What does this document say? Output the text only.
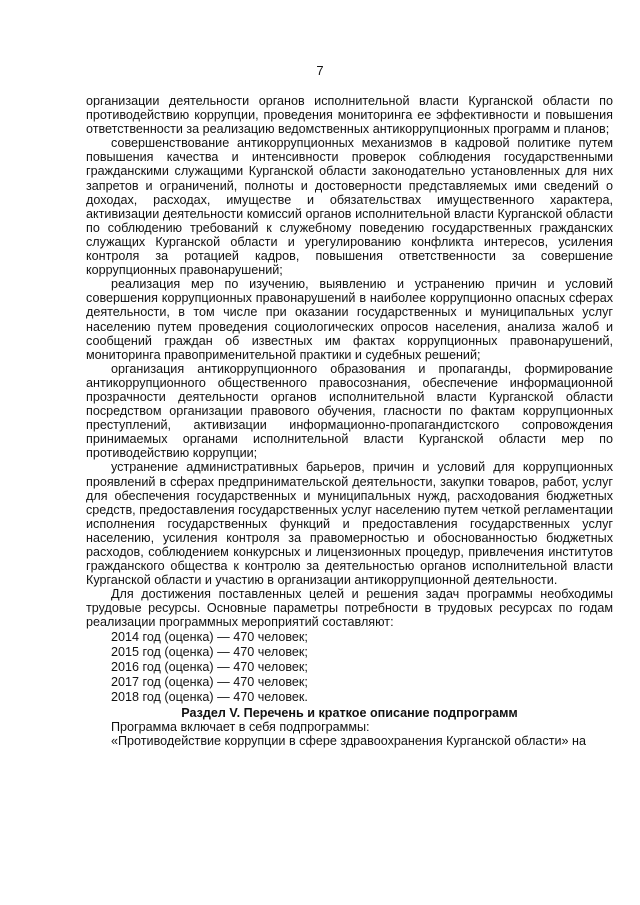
7

организации деятельности органов исполнительной власти Курганской области по противодействию коррупции, проведения мониторинга ее эффективности и повышения ответственности за реализацию ведомственных антикоррупционных программ и планов;

совершенствование антикоррупционных механизмов в кадровой политике путем повышения качества и интенсивности проверок соблюдения государственными гражданскими служащими Курганской области законодательно установленных для них запретов и ограничений, полноты и достоверности представляемых ими сведений о доходах, расходах, имуществе и обязательствах имущественного характера, активизации деятельности комиссий органов исполнительной власти Курганской области по соблюдению требований к служебному поведению государственных гражданских служащих Курганской области и урегулированию конфликта интересов, усиления контроля за ротацией кадров, повышения ответственности за совершение коррупционных правонарушений;

реализация мер по изучению, выявлению и устранению причин и условий совершения коррупционных правонарушений в наиболее коррупционно опасных сферах деятельности, в том числе при оказании государственных и муниципальных услуг населению путем проведения социологических опросов населения, анализа жалоб и сообщений граждан об известных им фактах коррупционных правонарушений, мониторинга правоприменительной практики и судебных решений;

организация антикоррупционного образования и пропаганды, формирование антикоррупционного общественного правосознания, обеспечение информационной прозрачности деятельности органов исполнительной власти Курганской области посредством организации правового обучения, гласности по фактам коррупционных преступлений, активизации информационно-пропагандистского сопровождения принимаемых органами исполнительной власти Курганской области мер по противодействию коррупции;

устранение административных барьеров, причин и условий для коррупционных проявлений в сферах предпринимательской деятельности, закупки товаров, работ, услуг для обеспечения государственных и муниципальных нужд, расходования бюджетных средств, предоставления государственных услуг населению путем четкой регламентации исполнения государственных функций и предоставления государственных услуг населению, усиления контроля за правомерностью и обоснованностью бюджетных расходов, соблюдением конкурсных и лицензионных процедур, привлечения институтов гражданского общества к контролю за деятельностью органов исполнительной власти Курганской области и участию в организации антикоррупционной деятельности.

Для достижения поставленных целей и решения задач программы необходимы трудовые ресурсы. Основные параметры потребности в трудовых ресурсах по годам реализации программных мероприятий составляют:

2014 год (оценка) — 470 человек;
2015 год (оценка) — 470 человек;
2016 год (оценка) — 470 человек;
2017 год (оценка) — 470 человек;
2018 год (оценка) — 470 человек.

Раздел V. Перечень и краткое описание подпрограмм

Программа включает в себя подпрограммы:

«Противодействие коррупции в сфере здравоохранения Курганской области» на
